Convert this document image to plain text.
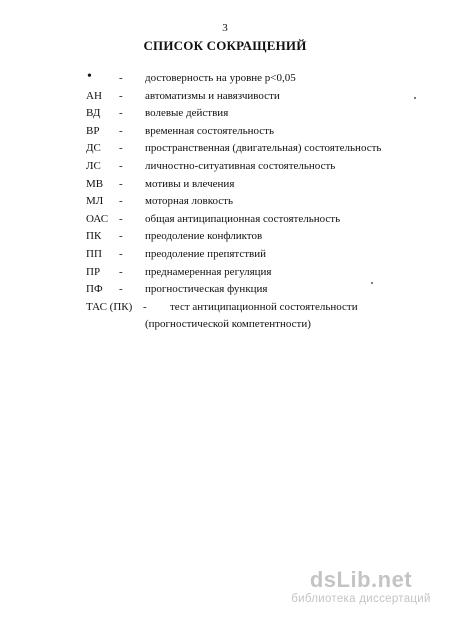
3
СПИСОК СОКРАЩЕНИЙ
• - достоверность на уровне р<0,05
АН - автоматизмы и навязчивости
ВД - волевые действия
ВР - временная состоятельность
ДС - пространственная (двигательная) состоятельность
ЛС - личностно-ситуативная состоятельность
МВ - мотивы и влечения
МЛ - моторная ловкость
ОАС - общая антиципационная состоятельность
ПК - преодоление конфликтов
ПП - преодоление препятствий
ПР - преднамеренная регуляция
ПФ - прогностическая функция
ТАС (ПК) - тест антиципационной состоятельности
(прогностической компетентности)
dsLib.net
библиотека диссертаций
